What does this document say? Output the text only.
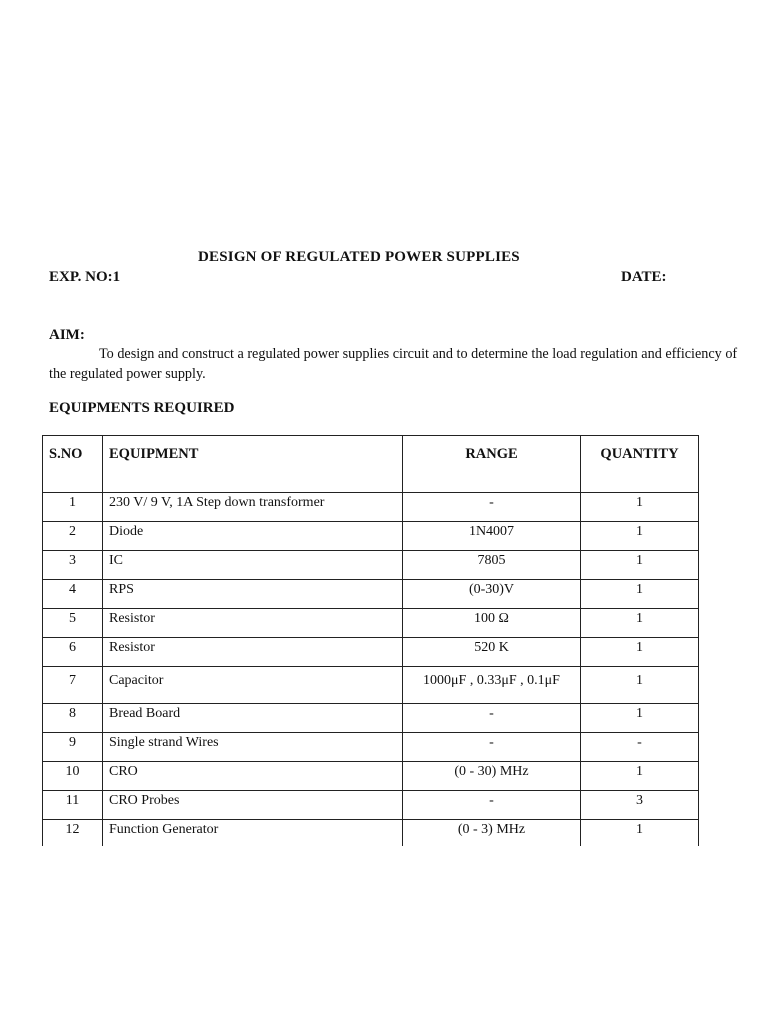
DESIGN OF REGULATED POWER SUPPLIES
EXP. NO:1	DATE:
AIM:
To design and construct a regulated power supplies circuit and to determine the load regulation and efficiency of the regulated power supply.
EQUIPMENTS REQUIRED
S.NO	EQUIPMENT	RANGE	QUANTITY
1	230 V/ 9 V, 1A Step down transformer	-	1
2	Diode	1N4007	1
3	IC	7805	1
4	RPS	(0-30)V	1
5	Resistor	100 Ω	1
6	Resistor	520 K	1
7	Capacitor	1000μF , 0.33μF , 0.1μF	1
8	Bread Board	-	1
9	Single strand Wires	-	-
10	CRO	(0 - 30) MHz	1
11	CRO Probes	-	3
12	Function Generator	(0 - 3) MHz	1
